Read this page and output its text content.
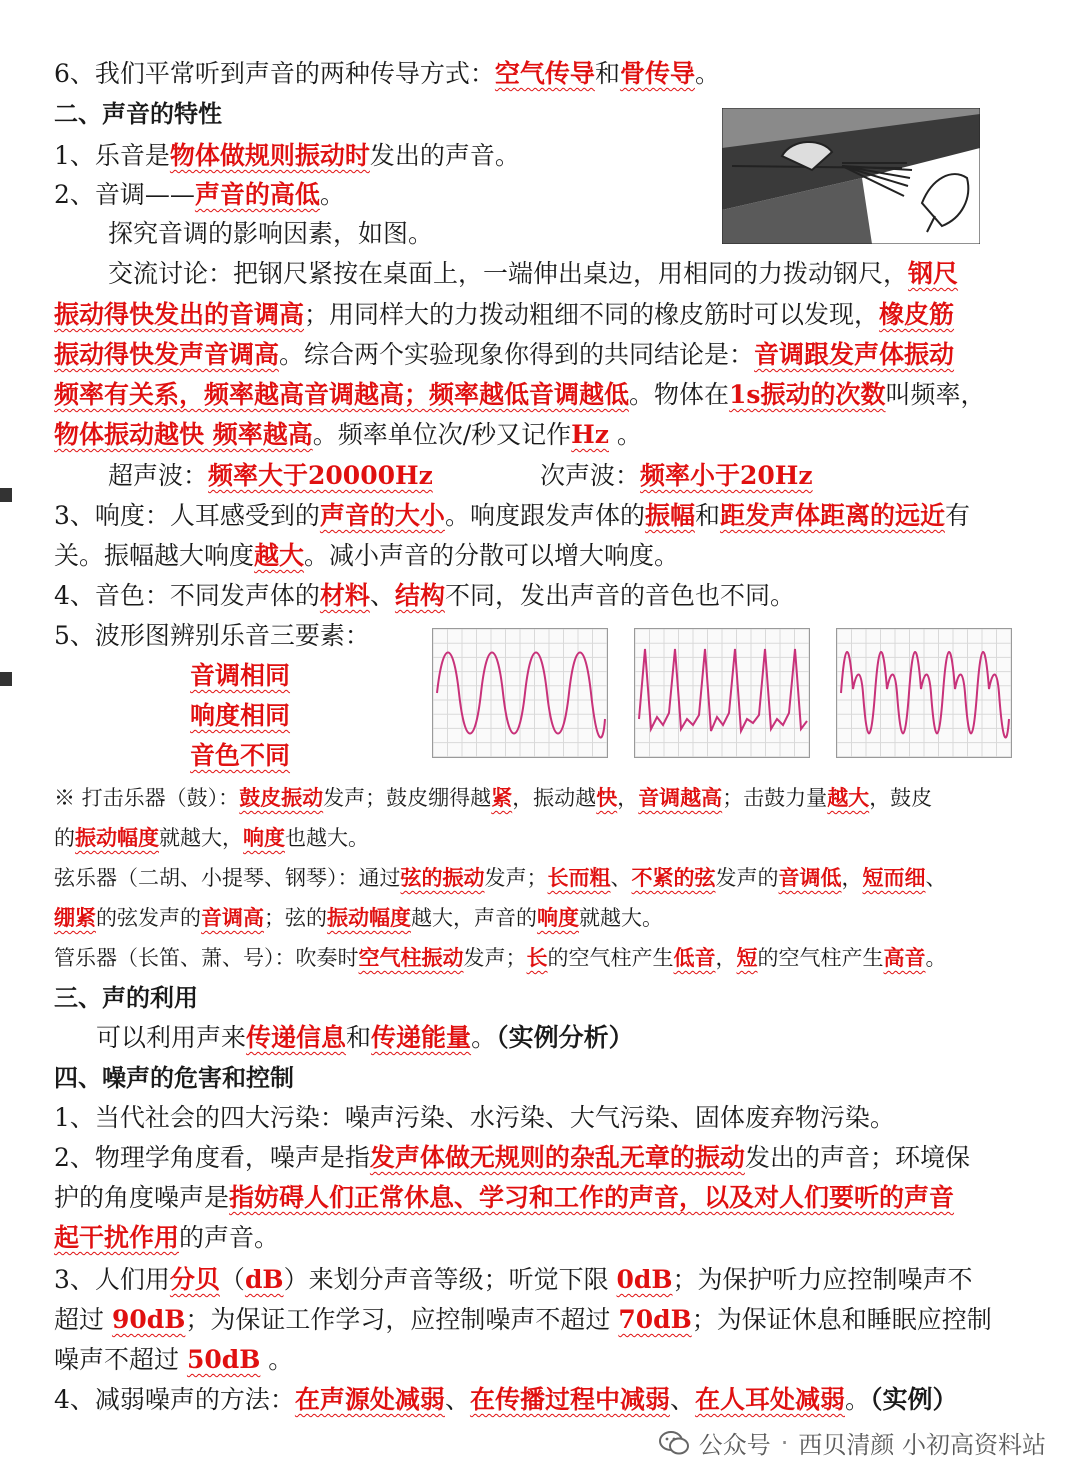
6、我们平常听到声音的两种传导方式：空气传导和骨传导。
二、声音的特性
1、乐音是物体做规则振动时发出的声音。
2、音调——声音的高低。
探究音调的影响因素，如图。
交流讨论：把钢尺紧按在桌面上，一端伸出桌边，用相同的力拨动钢尺，钢尺
振动得快发出的音调高；用同样大的力拨动粗细不同的橡皮筋时可以发现，橡皮筋
振动得快发声音调高。综合两个实验现象你得到的共同结论是：音调跟发声体振动
频率有关系，频率越高音调越高；频率越低音调越低。物体在1s振动的次数叫频率，
物体振动越快 频率越高。频率单位次/秒又记作Hz 。
超声波：频率大于20000Hz	次声波：频率小于20Hz
3、响度：人耳感受到的声音的大小。响度跟发声体的振幅和距发声体距离的远近有
关。振幅越大响度越大。减小声音的分散可以增大响度。
4、音色：不同发声体的材料、结构不同，发出声音的音色也不同。
5、波形图辨别乐音三要素：
音调相同
响度相同
音色不同
※ 打击乐器（鼓）：鼓皮振动发声；鼓皮绷得越紧，振动越快，音调越高；击鼓力量越大，鼓皮
的振动幅度就越大，响度也越大。
弦乐器（二胡、小提琴、钢琴）：通过弦的振动发声；长而粗、不紧的弦发声的音调低，短而细、
绷紧的弦发声的音调高；弦的振动幅度越大，声音的响度就越大。
管乐器（长笛、萧、号）：吹奏时空气柱振动发声；长的空气柱产生低音，短的空气柱产生高音。
三、声的利用
可以利用声来传递信息和传递能量。（实例分析）
四、噪声的危害和控制
1、当代社会的四大污染：噪声污染、水污染、大气污染、固体废弃物污染。
2、物理学角度看，噪声是指发声体做无规则的杂乱无章的振动发出的声音；环境保
护的角度噪声是指妨碍人们正常休息、学习和工作的声音，以及对人们要听的声音
起干扰作用的声音。
3、人们用分贝（dB）来划分声音等级；听觉下限 0dB；为保护听力应控制噪声不
超过 90dB；为保证工作学习，应控制噪声不超过 70dB；为保证休息和睡眠应控制
噪声不超过 50dB 。
4、减弱噪声的方法：在声源处减弱、在传播过程中减弱、在人耳处减弱。（实例）
公众号 · 西贝清颜 小初高资料站
